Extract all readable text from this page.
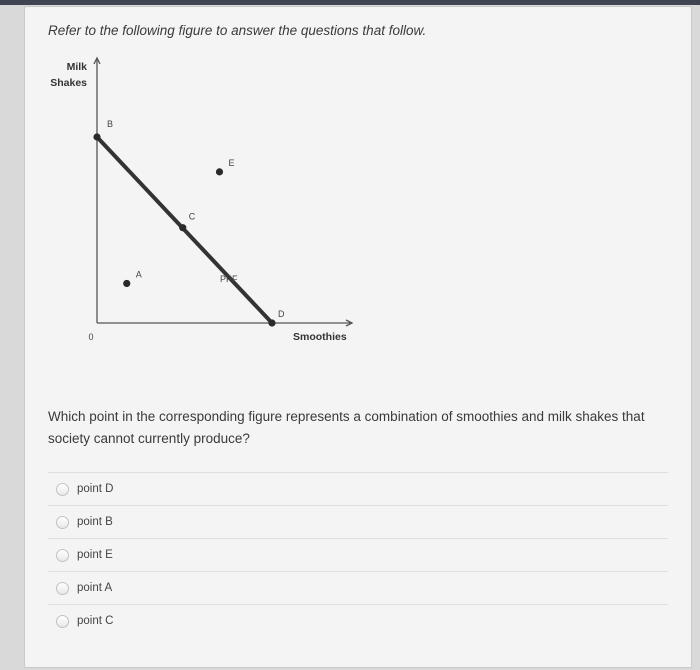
Refer to the following figure to answer the questions that follow.

Milk
Shakes
Smoothies
0
B
C
D
A
E
PPF

Which point in the corresponding figure represents a combination of smoothies and milk shakes that society cannot currently produce?

point D
point B
point E
point A
point C
